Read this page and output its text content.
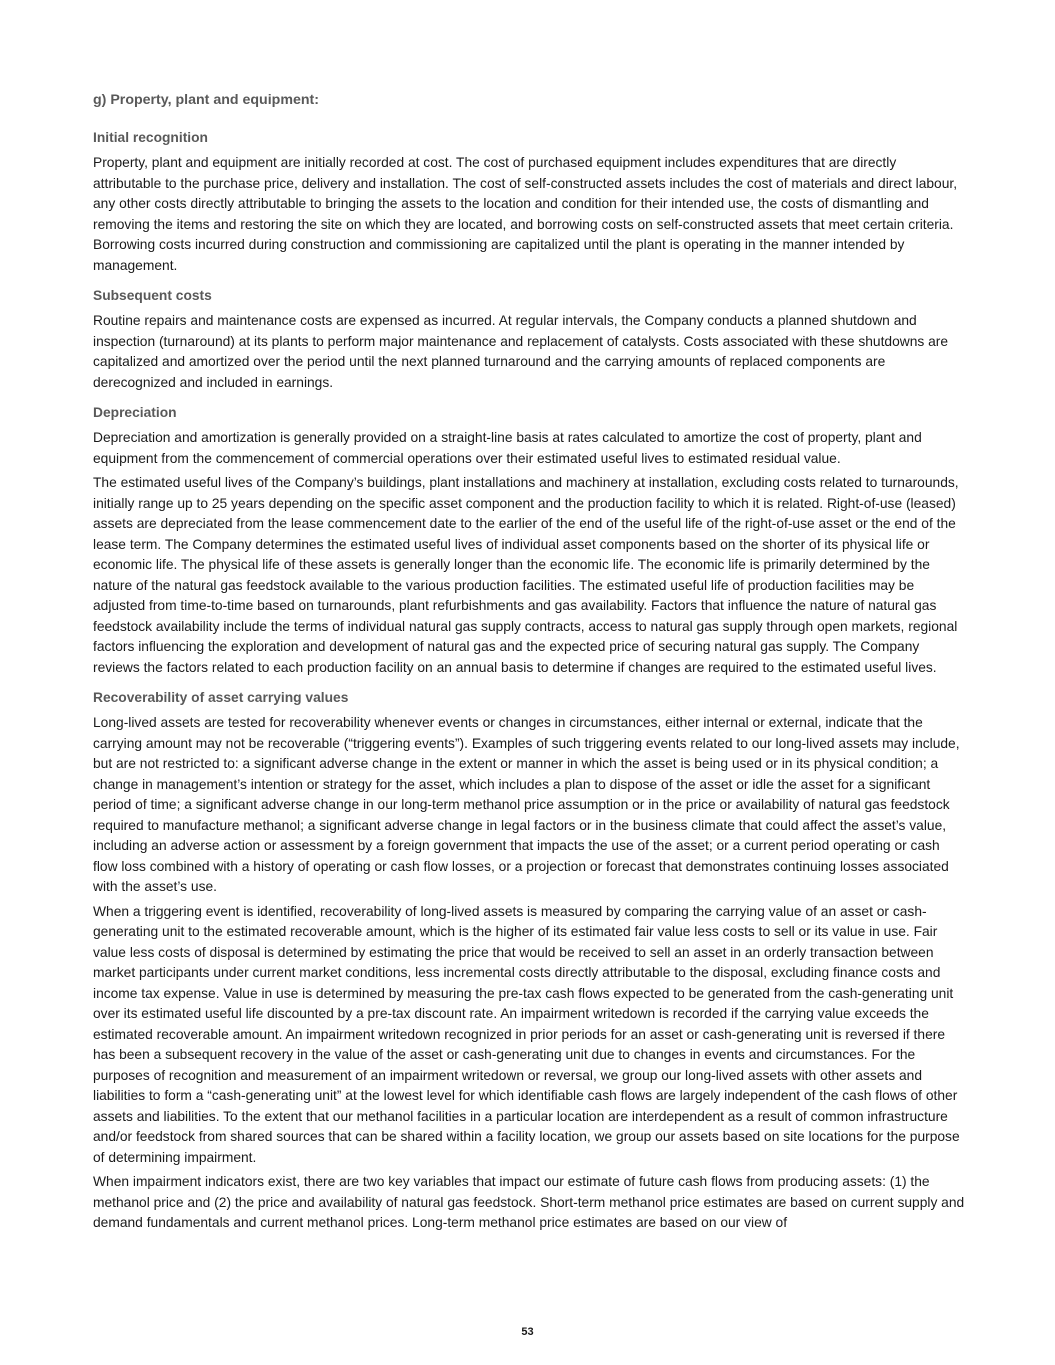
g) Property, plant and equipment:
Initial recognition

Property, plant and equipment are initially recorded at cost. The cost of purchased equipment includes expenditures that are directly attributable to the purchase price, delivery and installation. The cost of self-constructed assets includes the cost of materials and direct labour, any other costs directly attributable to bringing the assets to the location and condition for their intended use, the costs of dismantling and removing the items and restoring the site on which they are located, and borrowing costs on self-constructed assets that meet certain criteria. Borrowing costs incurred during construction and commissioning are capitalized until the plant is operating in the manner intended by management.

Subsequent costs

Routine repairs and maintenance costs are expensed as incurred. At regular intervals, the Company conducts a planned shutdown and inspection (turnaround) at its plants to perform major maintenance and replacement of catalysts. Costs associated with these shutdowns are capitalized and amortized over the period until the next planned turnaround and the carrying amounts of replaced components are derecognized and included in earnings.

Depreciation

Depreciation and amortization is generally provided on a straight-line basis at rates calculated to amortize the cost of property, plant and equipment from the commencement of commercial operations over their estimated useful lives to estimated residual value.

The estimated useful lives of the Company’s buildings, plant installations and machinery at installation, excluding costs related to turnarounds, initially range up to 25 years depending on the specific asset component and the production facility to which it is related. Right-of-use (leased) assets are depreciated from the lease commencement date to the earlier of the end of the useful life of the right-of-use asset or the end of the lease term. The Company determines the estimated useful lives of individual asset components based on the shorter of its physical life or economic life. The physical life of these assets is generally longer than the economic life. The economic life is primarily determined by the nature of the natural gas feedstock available to the various production facilities. The estimated useful life of production facilities may be adjusted from time-to-time based on turnarounds, plant refurbishments and gas availability. Factors that influence the nature of natural gas feedstock availability include the terms of individual natural gas supply contracts, access to natural gas supply through open markets, regional factors influencing the exploration and development of natural gas and the expected price of securing natural gas supply. The Company reviews the factors related to each production facility on an annual basis to determine if changes are required to the estimated useful lives.

Recoverability of asset carrying values

Long-lived assets are tested for recoverability whenever events or changes in circumstances, either internal or external, indicate that the carrying amount may not be recoverable (“triggering events”). Examples of such triggering events related to our long-lived assets may include, but are not restricted to: a significant adverse change in the extent or manner in which the asset is being used or in its physical condition; a change in management’s intention or strategy for the asset, which includes a plan to dispose of the asset or idle the asset for a significant period of time; a significant adverse change in our long-term methanol price assumption or in the price or availability of natural gas feedstock required to manufacture methanol; a significant adverse change in legal factors or in the business climate that could affect the asset’s value, including an adverse action or assessment by a foreign government that impacts the use of the asset; or a current period operating or cash flow loss combined with a history of operating or cash flow losses, or a projection or forecast that demonstrates continuing losses associated with the asset’s use.

When a triggering event is identified, recoverability of long-lived assets is measured by comparing the carrying value of an asset or cash-generating unit to the estimated recoverable amount, which is the higher of its estimated fair value less costs to sell or its value in use. Fair value less costs of disposal is determined by estimating the price that would be received to sell an asset in an orderly transaction between market participants under current market conditions, less incremental costs directly attributable to the disposal, excluding finance costs and income tax expense. Value in use is determined by measuring the pre-tax cash flows expected to be generated from the cash-generating unit over its estimated useful life discounted by a pre-tax discount rate. An impairment writedown is recorded if the carrying value exceeds the estimated recoverable amount. An impairment writedown recognized in prior periods for an asset or cash-generating unit is reversed if there has been a subsequent recovery in the value of the asset or cash-generating unit due to changes in events and circumstances. For the purposes of recognition and measurement of an impairment writedown or reversal, we group our long-lived assets with other assets and liabilities to form a “cash-generating unit” at the lowest level for which identifiable cash flows are largely independent of the cash flows of other assets and liabilities. To the extent that our methanol facilities in a particular location are interdependent as a result of common infrastructure and/or feedstock from shared sources that can be shared within a facility location, we group our assets based on site locations for the purpose of determining impairment.

When impairment indicators exist, there are two key variables that impact our estimate of future cash flows from producing assets: (1) the methanol price and (2) the price and availability of natural gas feedstock. Short-term methanol price estimates are based on current supply and demand fundamentals and current methanol prices. Long-term methanol price estimates are based on our view of

53
